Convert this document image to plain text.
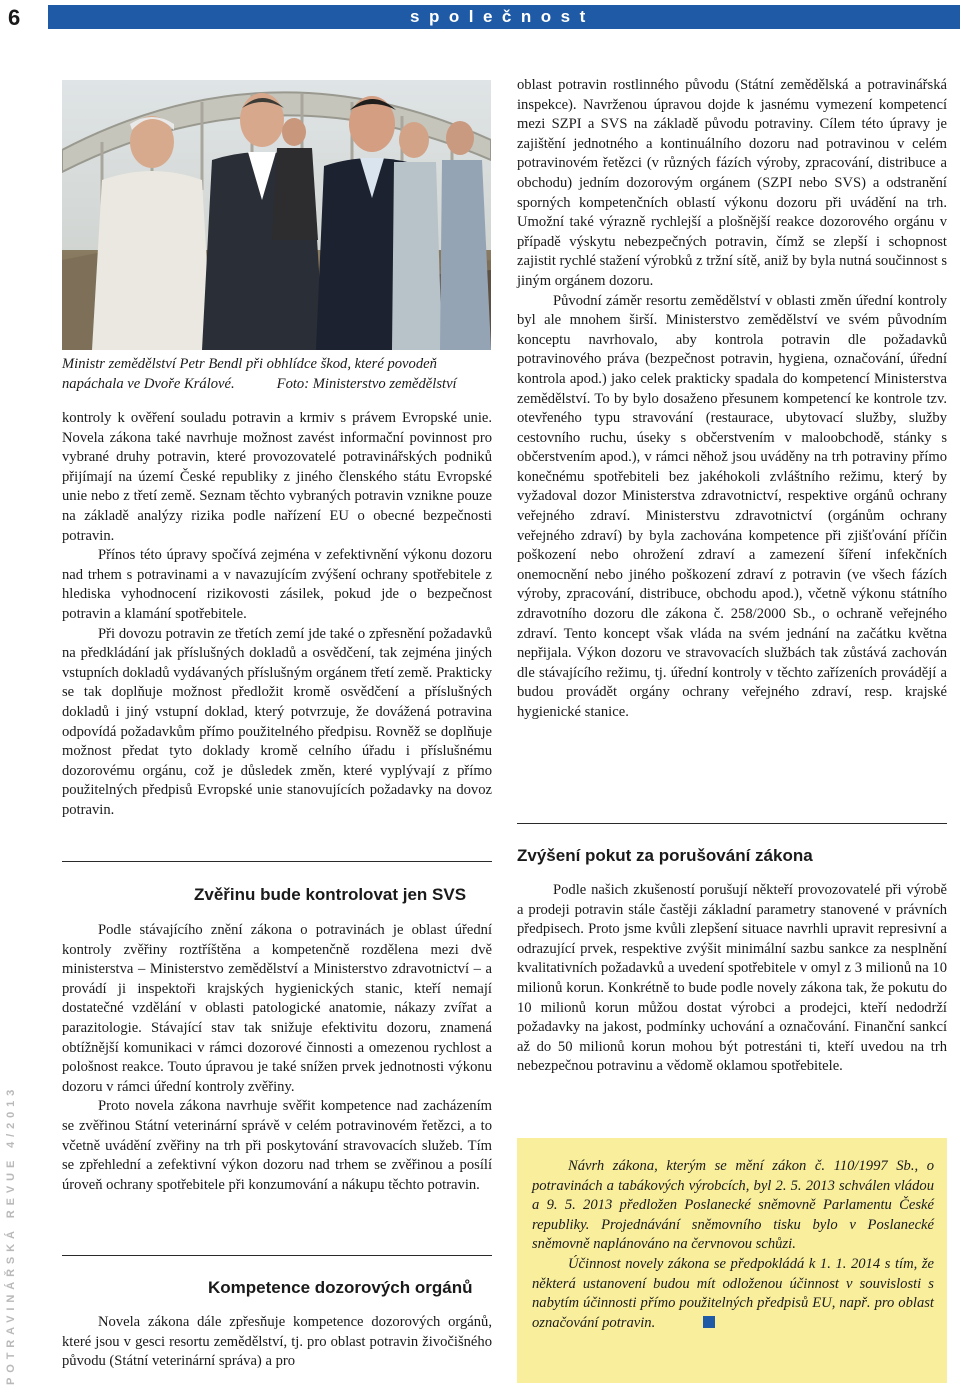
6	společnost
POTRAVINÁŘSKÁ REVUE 4/2013
Ministr zemědělství Petr Bendl při obhlídce škod, které povodeň napáchala ve Dvoře Králové.	Foto: Ministerstvo zemědělství

kontroly k ověření souladu potravin a krmiv s právem Evropské unie. Novela zákona také navrhuje možnost zavést informační povinnost pro vybrané druhy potravin, které provozovatelé potravinářských podniků přijímají na území České republiky z jiného členského státu Evropské unie nebo z třetí země. Seznam těchto vybraných potravin vznikne pouze na základě analýzy rizika podle nařízení EU o obecné bezpečnosti potravin.

Přínos této úpravy spočívá zejména v zefektivnění výkonu dozoru nad trhem s potravinami a v navazujícím zvýšení ochrany spotřebitele z hlediska vyhodnocení rizikovosti zásilek, pokud jde o bezpečnost potravin a klamání spotřebitele.

Při dovozu potravin ze třetích zemí jde také o zpřesnění požadavků na předkládání jak příslušných dokladů a osvědčení, tak zejména jiných vstupních dokladů vydávaných příslušným orgánem třetí země. Prakticky se tak doplňuje možnost předložit kromě osvědčení a příslušných dokladů i jiný vstupní doklad, který potvrzuje, že dovážená potravina odpovídá požadavkům přímo použitelného předpisu. Rovněž se doplňuje možnost předat tyto doklady kromě celního úřadu i příslušnému dozorovému orgánu, což je důsledek změn, které vyplývají z přímo použitelných předpisů Evropské unie stanovujících požadavky na dovoz potravin.

Zvěřinu bude kontrolovat jen SVS

Podle stávajícího znění zákona o potravinách je oblast úřední kontroly zvěřiny roztříštěna a kompetenčně rozdělena mezi dvě ministerstva – Ministerstvo zemědělství a Ministerstvo zdravotnictví – a provádí ji inspektoři krajských hygienických stanic, kteří nemají dostatečné vzdělání v oblasti patologické anatomie, nákazy zvířat a parazitologie. Stávající stav tak snižuje efektivitu dozoru, znamená obtížnější komunikaci v rámci dozorové činnosti a omezenou rychlost a pološnost reakce. Touto úpravou je také snížen prvek jednotnosti výkonu dozoru v rámci úřední kontroly zvěřiny.

Proto novela zákona navrhuje svěřit kompetence nad zacházením se zvěřinou Státní veterinární správě v celém potravinovém řetězci, a to včetně uvádění zvěřiny na trh při poskytování stravovacích služeb. Tím se zpřehlední a zefektivní výkon dozoru nad trhem se zvěřinou a posílí úroveň ochrany spotřebitele při konzumování a nákupu těchto potravin.

Kompetence dozorových orgánů

Novela zákona dále zpřesňuje kompetence dozorových orgánů, které jsou v gesci resortu zemědělství, tj. pro oblast potravin živočišného původu (Státní veterinární správa) a pro

oblast potravin rostlinného původu (Státní zemědělská a potravinářská inspekce). Navrženou úpravou dojde k jasnému vymezení kompetencí mezi SZPI a SVS na základě původu potraviny. Cílem této úpravy je zajištění jednotného a kontinuálního dozoru nad potravinou v celém potravinovém řetězci (v různých fázích výroby, zpracování, distribuce a obchodu) jedním dozorovým orgánem (SZPI nebo SVS) a odstranění sporných kompetenčních oblastí výkonu dozoru při uvádění na trh. Umožní také výrazně rychlejší a plošnější reakce dozorového orgánu v případě výskytu nebezpečných potravin, čímž se zlepší i schopnost zajistit rychlé stažení výrobků z tržní sítě, aniž by byla nutná součinnost s jiným orgánem dozoru.

Původní záměr resortu zemědělství v oblasti změn úřední kontroly byl ale mnohem širší. Ministerstvo zemědělství ve svém původním konceptu navrhovalo, aby kontrola potravin dle požadavků potravinového práva (bezpečnost potravin, hygiena, označování, úřední kontrola apod.) jako celek prakticky spadala do kompetencí Ministerstva zemědělství. To by bylo dosaženo přesunem kompetencí ke kontrole tzv. otevřeného typu stravování (restaurace, ubytovací služby, služby cestovního ruchu, úseky s občerstvením v maloobchodě, stánky s občerstvením apod.), v rámci něhož jsou uváděny na trh potraviny přímo konečnému spotřebiteli bez jakéhokoli zvláštního režimu, který by vyžadoval dozor Ministerstva zdravotnictví, respektive orgánů ochrany veřejného zdraví. Ministerstvu zdravotnictví (orgánům ochrany veřejného zdraví) by byla zachována kompetence při zjišťování příčin poškození nebo ohrožení zdraví a zamezení šíření infekčních onemocnění nebo jiného poškození zdraví z potravin (ve všech fázích výroby, zpracování, distribuce, obchodu apod.), včetně výkonu státního zdravotního dozoru dle zákona č. 258/2000 Sb., o ochraně veřejného zdraví. Tento koncept však vláda na svém jednání na začátku května nepřijala. Výkon dozoru ve stravovacích službách tak zůstává zachován dle stávajícího režimu, tj. úřední kontroly v těchto zařízeních provádějí a budou provádět orgány ochrany veřejného zdraví, resp. krajské hygienické stanice.

Zvýšení pokut za porušování zákona

Podle našich zkušeností porušují někteří provozovatelé při výrobě a prodeji potravin stále častěji základní parametry stanovené v právních předpisech. Proto jsme kvůli zlepšení situace navrhli upravit represivní a odrazující prvek, respektive zvýšit minimální sazbu sankce za nesplnění kvalitativních požadavků a uvedení spotřebitele v omyl z 3 milionů na 10 milionů korun. Konkrétně to bude podle novely zákona tak, že pokutu do 10 milionů korun můžou dostat výrobci a prodejci, kteří nedodrží požadavky na jakost, podmínky uchování a označování. Finanční sankcí až do 50 milionů korun mohou být potrestáni ti, kteří uvedou na trh nebezpečnou potravinu a vědomě oklamou spotřebitele.

Návrh zákona, kterým se mění zákon č. 110/1997 Sb., o potravinách a tabákových výrobcích, byl 2. 5. 2013 schválen vládou a 9. 5. 2013 předložen Poslanecké sněmovně Parlamentu České republiky. Projednávání sněmovního tisku bylo v Poslanecké sněmovně naplánováno na červnovou schůzi.

Účinnost novely zákona se předpokládá k 1. 1. 2014 s tím, že některá ustanovení budou mít odloženou účinnost v souvislosti s nabytím účinnosti přímo použitelných předpisů EU, např. pro oblast označování potravin.
